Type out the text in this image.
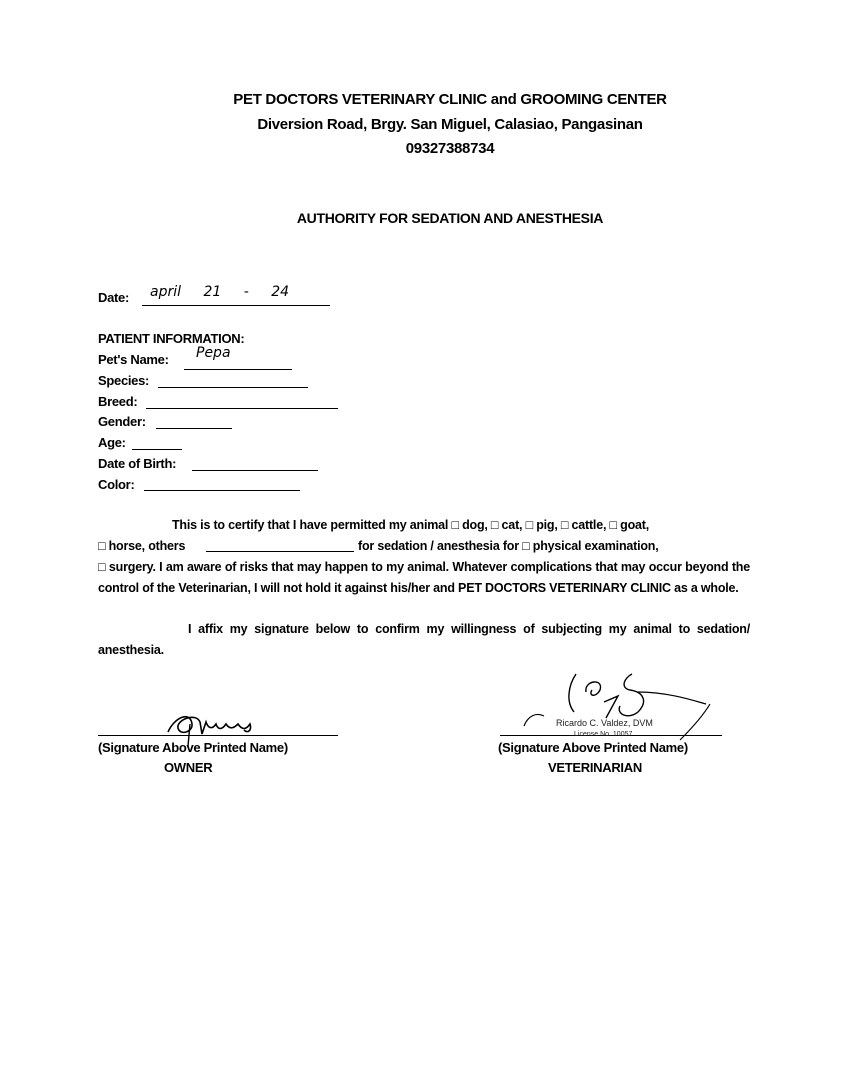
PET DOCTORS VETERINARY CLINIC and GROOMING CENTER
Diversion Road, Brgy. San Miguel, Calasiao, Pangasinan
09327388734
AUTHORITY FOR SEDATION AND ANESTHESIA
Date: april 21 - 24
PATIENT INFORMATION:
Pet's Name: Pepa
Species:
Breed:
Gender:
Age:
Date of Birth:
Color:
This is to certify that I have permitted my animal □ dog, □ cat, □ pig, □ cattle, □ goat,
□ horse, others	for sedation / anesthesia for □ physical examination,
□ surgery. I am aware of risks that may happen to my animal. Whatever complications that may occur beyond the control of the Veterinarian, I will not hold it against his/her and PET DOCTORS VETERINARY CLINIC as a whole.
I affix my signature below to confirm my willingness of subjecting my animal to sedation/ anesthesia.
(Signature Above Printed Name)
OWNER
Ricardo C. Valdez, DVM
License No. 10057
(Signature Above Printed Name)
VETERINARIAN
